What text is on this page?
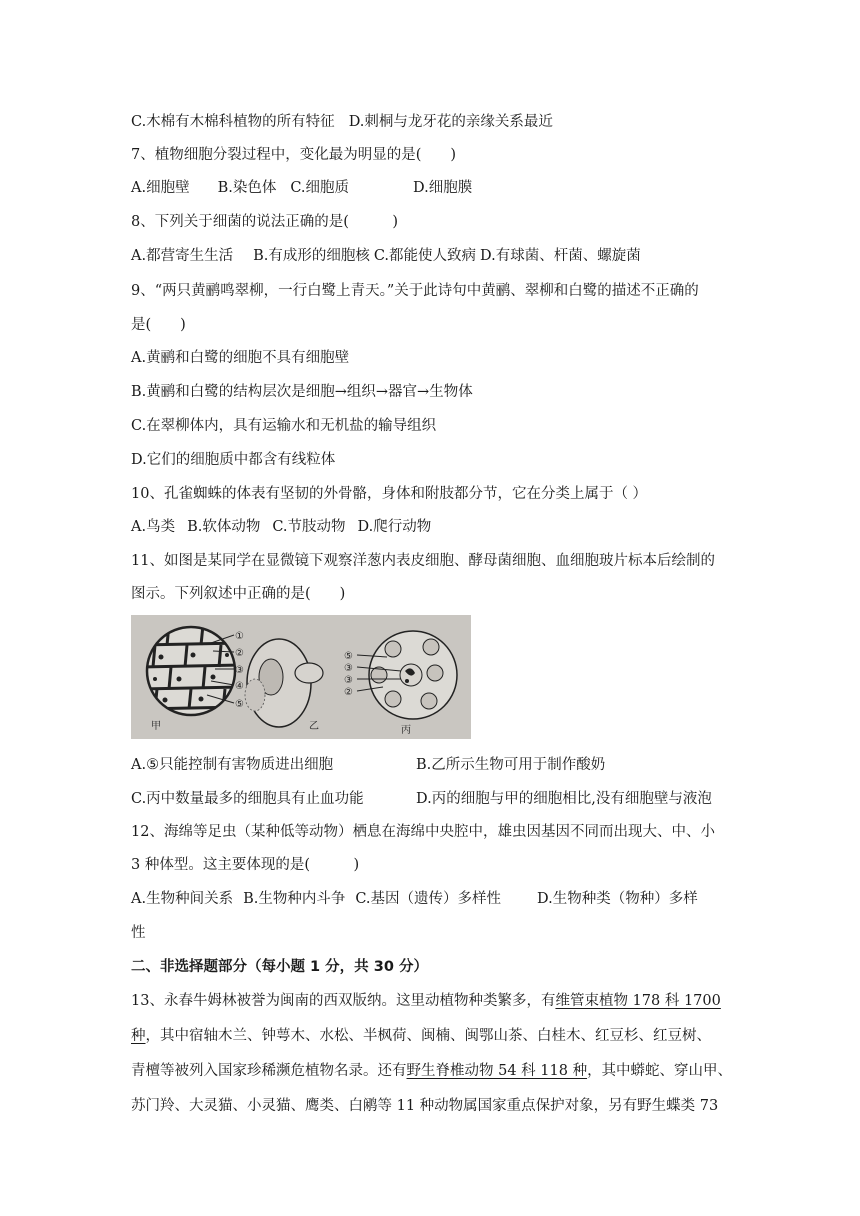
C.木棉有木棉科植物的所有特征 D.刺桐与龙牙花的亲缘关系最近
7、植物细胞分裂过程中，变化最为明显的是(　　)
A.细胞壁 B.染色体 C.细胞质	D.细胞膜
8、下列关于细菌的说法正确的是(　　　)
A.都营寄生生活 B.有成形的细胞核 C.都能使人致病 D.有球菌、杆菌、螺旋菌
9、“两只黄鹂鸣翠柳，一行白鹭上青天。”关于此诗句中黄鹂、翠柳和白鹭的描述不正确的
是(　　)
A.黄鹂和白鹭的细胞不具有细胞壁
B.黄鹂和白鹭的结构层次是细胞→组织→器官→生物体
C.在翠柳体内，具有运输水和无机盐的输导组织
D.它们的细胞质中都含有线粒体
10、孔雀蜘蛛的体表有坚韧的外骨骼，身体和附肢都分节，它在分类上属于（ ）
A.鸟类 B.软体动物 C.节肢动物 D.爬行动物
11、如图是某同学在显微镜下观察洋葱内表皮细胞、酵母菌细胞、血细胞玻片标本后绘制的
图示。下列叙述中正确的是(　　)
①
②
③
④
⑤
甲	乙
⑤
③
③
②
丙
A.⑤只能控制有害物质进出细胞	B.乙所示生物可用于制作酸奶
C.丙中数量最多的细胞具有止血功能	D.丙的细胞与甲的细胞相比,没有细胞壁与液泡
12、海绵等足虫（某种低等动物）栖息在海绵中央腔中，雄虫因基因不同而出现大、中、小
3 种体型。这主要体现的是(　　　)
A.生物种间关系 B.生物种内斗争 C.基因（遗传）多样性 D.生物种类（物种）多样
性
二、非选择题部分（每小题 1 分，共 30 分）
13、永春牛姆林被誉为闽南的西双版纳。这里动植物种类繁多，有维管束植物 178 科 1700
种，其中宿轴木兰、钟萼木、水松、半枫荷、闽楠、闽鄂山茶、白桂木、红豆杉、红豆树、
青檀等被列入国家珍稀濒危植物名录。还有野生脊椎动物 54 科 118 种，其中蟒蛇、穿山甲、
苏门羚、大灵猫、小灵猫、鹰类、白鹇等 11 种动物属国家重点保护对象，另有野生蝶类 73
